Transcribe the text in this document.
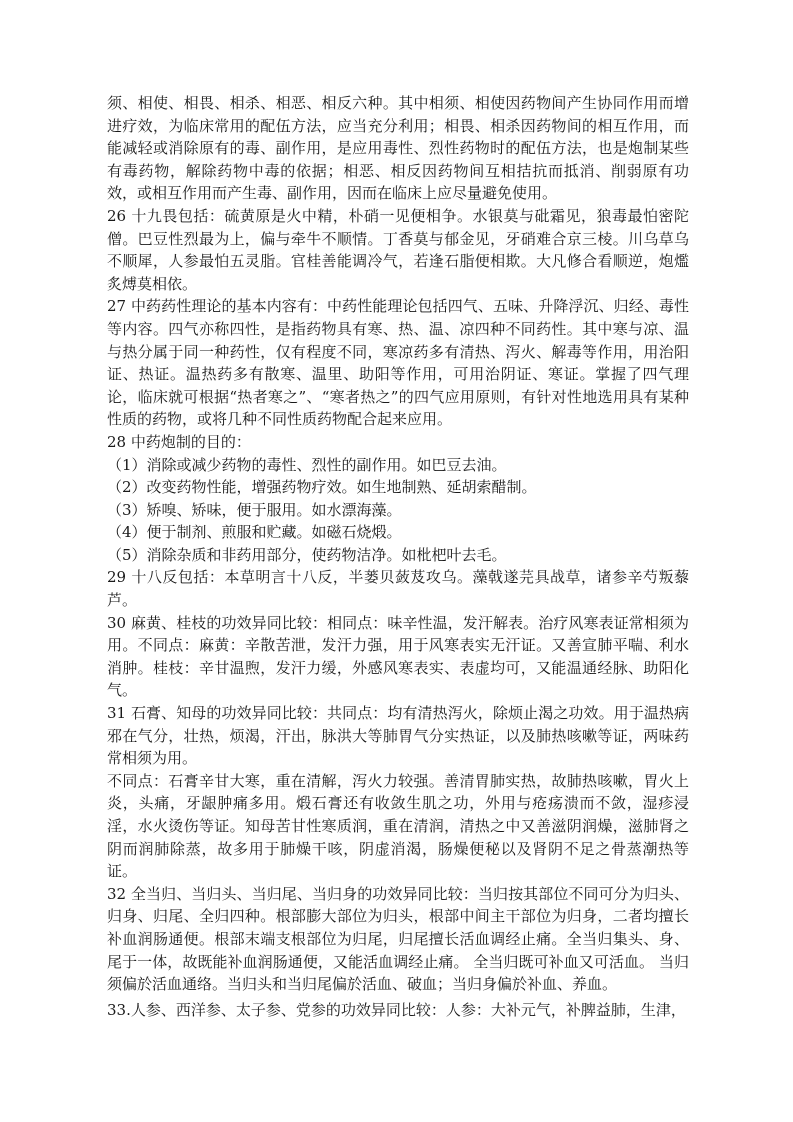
须、相使、相畏、相杀、相恶、相反六种。其中相须、相使因药物间产生协同作用而增进疗效，为临床常用的配伍方法，应当充分利用；相畏、相杀因药物间的相互作用，而能减轻或消除原有的毒、副作用，是应用毒性、烈性药物时的配伍方法，也是炮制某些有毒药物，解除药物中毒的依据；相恶、相反因药物间互相拮抗而抵消、削弱原有功效，或相互作用而产生毒、副作用，因而在临床上应尽量避免使用。

26 十九畏包括：硫黄原是火中精，朴硝一见便相争。水银莫与砒霜见，狼毒最怕密陀僧。巴豆性烈最为上，偏与牵牛不顺情。丁香莫与郁金见，牙硝难合京三棱。川乌草乌不顺犀，人参最怕五灵脂。官桂善能调冷气，若逢石脂便相欺。大凡修合看顺逆，炮爁炙煿莫相依。

27 中药药性理论的基本内容有：中药性能理论包括四气、五味、升降浮沉、归经、毒性等内容。四气亦称四性，是指药物具有寒、热、温、凉四种不同药性。其中寒与凉、温与热分属于同一种药性，仅有程度不同，寒凉药多有清热、泻火、解毒等作用，用治阳证、热证。温热药多有散寒、温里、助阳等作用，可用治阴证、寒证。掌握了四气理论，临床就可根据“热者寒之”、“寒者热之”的四气应用原则，有针对性地选用具有某种性质的药物，或将几种不同性质药物配合起来应用。

28 中药炮制的目的：

（1）消除或减少药物的毒性、烈性的副作用。如巴豆去油。

（2）改变药物性能，增强药物疗效。如生地制熟、延胡索醋制。

（3）矫嗅、矫味，便于服用。如水漂海藻。

（4）便于制剂、煎服和贮藏。如磁石烧煅。

（5）消除杂质和非药用部分，使药物洁净。如枇杷叶去毛。

29 十八反包括：本草明言十八反，半蒌贝蔹芨攻乌。藻戟遂芫具战草，诸参辛芍叛藜芦。

30 麻黄、桂枝的功效异同比较：相同点：味辛性温，发汗解表。治疗风寒表证常相须为用。不同点：麻黄：辛散苦泄，发汗力强，用于风寒表实无汗证。又善宣肺平喘、利水消肿。桂枝：辛甘温煦，发汗力缓，外感风寒表实、表虚均可，又能温通经脉、助阳化气。

31 石膏、知母的功效异同比较：共同点：均有清热泻火，除烦止渴之功效。用于温热病邪在气分，壮热，烦渴，汗出，脉洪大等肺胃气分实热证，以及肺热咳嗽等证，两味药常相须为用。

不同点：石膏辛甘大寒，重在清解，泻火力较强。善清胃肺实热，故肺热咳嗽，胃火上炎，头痛，牙龈肿痛多用。煅石膏还有收敛生肌之功，外用与疮疡溃而不敛，湿疹浸淫，水火烫伤等证。知母苦甘性寒质润，重在清润，清热之中又善滋阴润燥，滋肺肾之阴而润肺除蒸，故多用于肺燥干咳，阴虚消渴，肠燥便秘以及肾阴不足之骨蒸潮热等证。

32 全当归、当归头、当归尾、当归身的功效异同比较：当归按其部位不同可分为归头、归身、归尾、全归四种。根部膨大部位为归头，根部中间主干部位为归身，二者均擅长补血润肠通便。根部末端支根部位为归尾，归尾擅长活血调经止痛。全当归集头、身、尾于一体，故既能补血润肠通便，又能活血调经止痛。 全当归既可补血又可活血。 当归须偏於活血通络。当归头和当归尾偏於活血、破血；当归身偏於补血、养血。

33.人参、西洋参、太子参、党参的功效异同比较：人参：大补元气，补脾益肺，生津，
